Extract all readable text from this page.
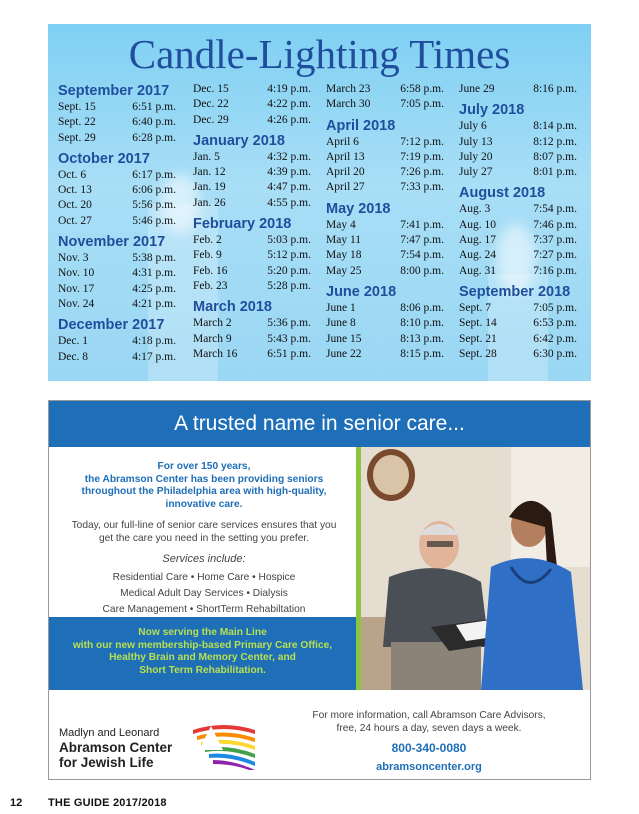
Candle-Lighting Times
September 2017
Sept. 15	6:51 p.m.
Sept. 22	6:40 p.m.
Sept. 29	6:28 p.m.
October 2017
Oct. 6	6:17 p.m.
Oct. 13	6:06 p.m.
Oct. 20	5:56 p.m.
Oct. 27	5:46 p.m.
November 2017
Nov. 3	5:38 p.m.
Nov. 10	4:31 p.m.
Nov. 17	4:25 p.m.
Nov. 24	4:21 p.m.
December 2017
Dec. 1	4:18 p.m.
Dec. 8	4:17 p.m.
Dec. 15	4:19 p.m.
Dec. 22	4:22 p.m.
Dec. 29	4:26 p.m.
January 2018
Jan. 5	4:32 p.m.
Jan. 12	4:39 p.m.
Jan. 19	4:47 p.m.
Jan. 26	4:55 p.m.
February 2018
Feb. 2	5:03 p.m.
Feb. 9	5:12 p.m.
Feb. 16	5:20 p.m.
Feb. 23	5:28 p.m.
March 2018
March 2	5:36 p.m.
March 9	5:43 p.m.
March 16	6:51 p.m.
March 23	6:58 p.m.
March 30	7:05 p.m.
April 2018
April 6	7:12 p.m.
April 13	7:19 p.m.
April 20	7:26 p.m.
April 27	7:33 p.m.
May 2018
May 4	7:41 p.m.
May 11	7:47 p.m.
May 18	7:54 p.m.
May 25	8:00 p.m.
June 2018
June 1	8:06 p.m.
June 8	8:10 p.m.
June 15	8:13 p.m.
June 22	8:15 p.m.
June 29	8:16 p.m.
July 2018
July 6	8:14 p.m.
July 13	8:12 p.m.
July 20	8:07 p.m.
July 27	8:01 p.m.
August 2018
Aug. 3	7:54 p.m.
Aug. 10	7:46 p.m.
Aug. 17	7:37 p.m.
Aug. 24	7:27 p.m.
Aug. 31	7:16 p.m.
September 2018
Sept. 7	7:05 p.m.
Sept. 14	6:53 p.m.
Sept. 21	6:42 p.m.
Sept. 28	6:30 p.m.
A trusted name in senior care...
For over 150 years,
the Abramson Center has been providing seniors
throughout the Philadelphia area with high-quality,
innovative care.
Today, our full-line of senior care services ensures that you
get the care you need in the setting you prefer.
Services include:
Residential Care • Home Care • Hospice
Medical Adult Day Services • Dialysis
Care Management • ShortTerm Rehabiltation
Now serving the Main Line
with our new membership-based Primary Care Office,
Healthy Brain and Memory Center, and
Short Term Rehabilitation.
Madlyn and Leonard
Abramson Center
for Jewish Life
For more information, call Abramson Care Advisors,
free, 24 hours a day, seven days a week.
800-340-0080
abramsoncenter.org
12 THE GUIDE 2017/2018
